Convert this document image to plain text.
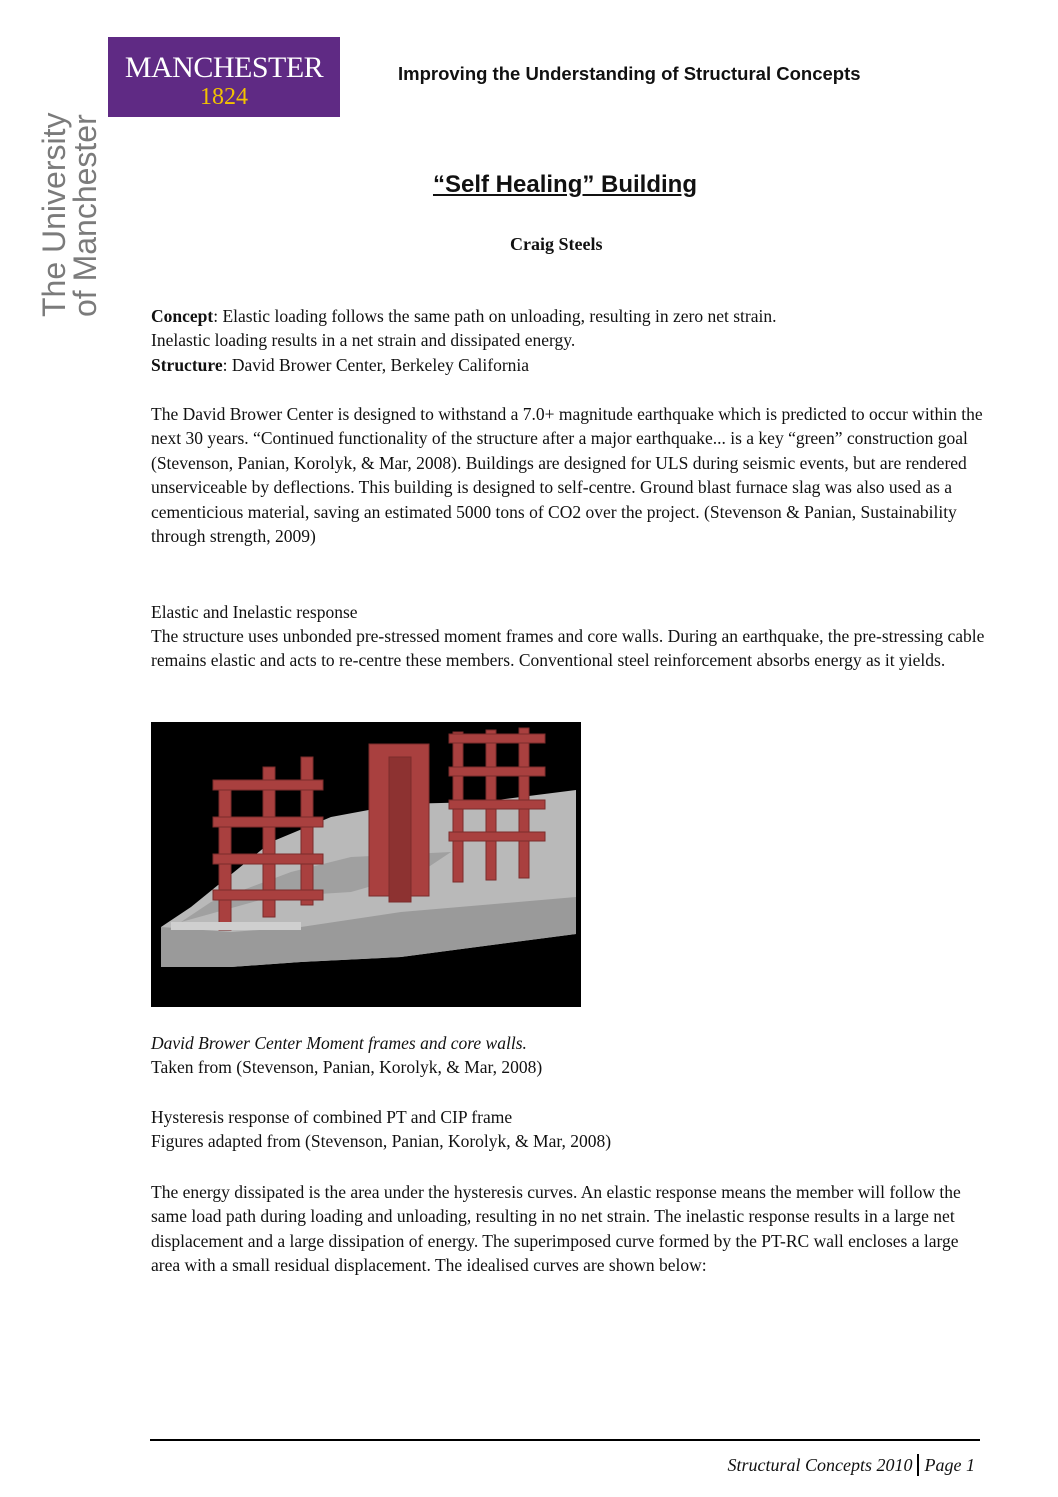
MANCHESTER
1824
The University
of Manchester
Improving the Understanding of Structural Concepts
“Self Healing” Building
Craig Steels
Concept: Elastic loading follows the same path on unloading, resulting in zero net strain.
Inelastic loading results in a net strain and dissipated energy.
Structure: David Brower Center, Berkeley California

The David Brower Center is designed to withstand a 7.0+ magnitude earthquake which is predicted to occur within the next 30 years. “Continued functionality of the structure after a major earthquake... is a key “green” construction goal (Stevenson, Panian, Korolyk, & Mar, 2008). Buildings are designed for ULS during seismic events, but are rendered unserviceable by deflections. This building is designed to self-centre. Ground blast furnace slag was also used as a cementicious material, saving an estimated 5000 tons of CO2 over the project. (Stevenson & Panian, Sustainability through strength, 2009)

Elastic and Inelastic response

The structure uses unbonded pre-stressed moment frames and core walls. During an earthquake, the pre-stressing cable remains elastic and acts to re-centre these members. Conventional steel reinforcement absorbs energy as it yields.

David Brower Center Moment frames and core walls.
Taken from (Stevenson, Panian, Korolyk, & Mar, 2008)
Hysteresis response of combined PT and CIP frame
Figures adapted from (Stevenson, Panian, Korolyk, & Mar, 2008)

The energy dissipated is the area under the hysteresis curves. An elastic response means the member will follow the same load path during loading and unloading, resulting in no net strain. The inelastic response results in a large net displacement and a large dissipation of energy. The superimposed curve formed by the PT-RC wall encloses a large area with a small residual displacement. The idealised curves are shown below:

Structural Concepts 2010 Page 1
